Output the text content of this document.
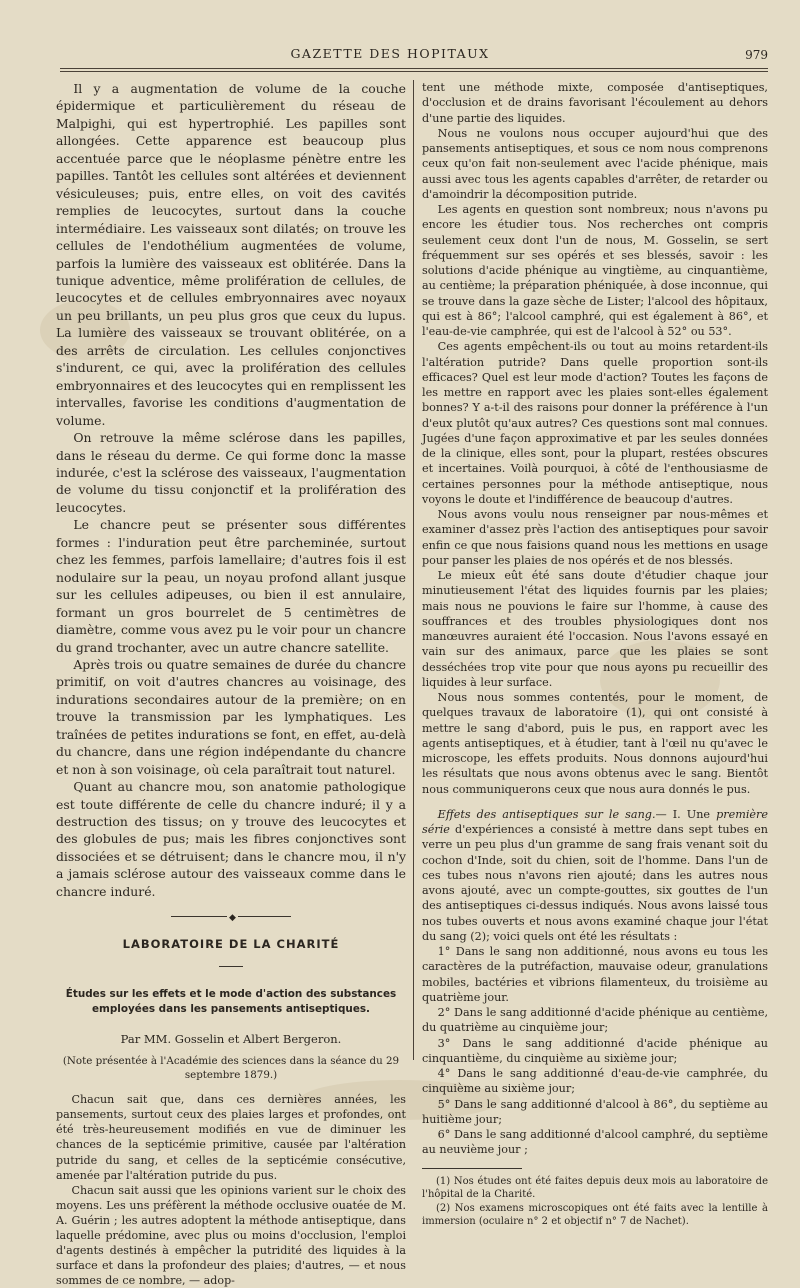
GAZETTE DES HOPITAUX	979

Il y a augmentation de volume de la couche épidermique et particulièrement du réseau de Malpighi, qui est hypertrophié. Les papilles sont allongées. Cette apparence est beaucoup plus accentuée parce que le néoplasme pénètre entre les papilles. Tantôt les cellules sont altérées et deviennent vésiculeuses; puis, entre elles, on voit des cavités remplies de leucocytes, surtout dans la couche intermédiaire. Les vaisseaux sont dilatés; on trouve les cellules de l'endothélium augmentées de volume, parfois la lumière des vaisseaux est oblitérée. Dans la tunique adventice, même prolifération de cellules, de leucocytes et de cellules embryonnaires avec noyaux un peu brillants, un peu plus gros que ceux du lupus. La lumière des vaisseaux se trouvant oblitérée, on a des arrêts de circulation. Les cellules conjonctives s'indurent, ce qui, avec la prolifération des cellules embryonnaires et des leucocytes qui en remplissent les intervalles, favorise les conditions d'augmentation de volume.

On retrouve la même sclérose dans les papilles, dans le réseau du derme. Ce qui forme donc la masse indurée, c'est la sclérose des vaisseaux, l'augmentation de volume du tissu conjonctif et la prolifération des leucocytes.

Le chancre peut se présenter sous différentes formes : l'induration peut être parcheminée, surtout chez les femmes, parfois lamellaire; d'autres fois il est nodulaire sur la peau, un noyau profond allant jusque sur les cellules adipeuses, ou bien il est annulaire, formant un gros bourrelet de 5 centimètres de diamètre, comme vous avez pu le voir pour un chancre du grand trochanter, avec un autre chancre satellite.

Après trois ou quatre semaines de durée du chancre primitif, on voit d'autres chancres au voisinage, des indurations secondaires autour de la première; on en trouve la transmission par les lymphatiques. Les traînées de petites indurations se font, en effet, au-delà du chancre, dans une région indépendante du chancre et non à son voisinage, où cela paraîtrait tout naturel.

Quant au chancre mou, son anatomie pathologique est toute différente de celle du chancre induré; il y a destruction des tissus; on y trouve des leucocytes et des globules de pus; mais les fibres conjonctives sont dissociées et se détruisent; dans le chancre mou, il n'y a jamais sclérose autour des vaisseaux comme dans le chancre induré.

◆
LABORATOIRE DE LA CHARITÉ
Études sur les effets et le mode d'action des substances employées dans les pansements antiseptiques.
Par MM. Gosselin et Albert Bergeron.
(Note présentée à l'Académie des sciences dans la séance du 29 septembre 1879.)

Chacun sait que, dans ces dernières années, les pansements, surtout ceux des plaies larges et profondes, ont été très-heureusement modifiés en vue de diminuer les chances de la septicémie primitive, causée par l'altération putride du sang, et celles de la septicémie consécutive, amenée par l'altération putride du pus.

Chacun sait aussi que les opinions varient sur le choix des moyens. Les uns préfèrent la méthode occlusive ouatée de M. A. Guérin ; les autres adoptent la méthode antiseptique, dans laquelle prédomine, avec plus ou moins d'occlusion, l'emploi d'agents destinés à empêcher la putridité des liquides à la surface et dans la profondeur des plaies; d'autres, — et nous sommes de ce nombre, — adop-

tent une méthode mixte, composée d'antiseptiques, d'occlusion et de drains favorisant l'écoulement au dehors d'une partie des liquides.

Nous ne voulons nous occuper aujourd'hui que des pansements antiseptiques, et sous ce nom nous comprenons ceux qu'on fait non-seulement avec l'acide phénique, mais aussi avec tous les agents capables d'arrêter, de retarder ou d'amoindrir la décomposition putride.

Les agents en question sont nombreux; nous n'avons pu encore les étudier tous. Nos recherches ont compris seulement ceux dont l'un de nous, M. Gosselin, se sert fréquemment sur ses opérés et ses blessés, savoir : les solutions d'acide phénique au vingtième, au cinquantième, au centième; la préparation phéniquée, à dose inconnue, qui se trouve dans la gaze sèche de Lister; l'alcool des hôpitaux, qui est à 86°; l'alcool camphré, qui est également à 86°, et l'eau-de-vie camphrée, qui est de l'alcool à 52° ou 53°.

Ces agents empêchent-ils ou tout au moins retardent-ils l'altération putride? Dans quelle proportion sont-ils efficaces? Quel est leur mode d'action? Toutes les façons de les mettre en rapport avec les plaies sont-elles également bonnes? Y a-t-il des raisons pour donner la préférence à l'un d'eux plutôt qu'aux autres? Ces questions sont mal connues. Jugées d'une façon approximative et par les seules données de la clinique, elles sont, pour la plupart, restées obscures et incertaines. Voilà pourquoi, à côté de l'enthousiasme de certaines personnes pour la méthode antiseptique, nous voyons le doute et l'indifférence de beaucoup d'autres.

Nous avons voulu nous renseigner par nous-mêmes et examiner d'assez près l'action des antiseptiques pour savoir enfin ce que nous faisions quand nous les mettions en usage pour panser les plaies de nos opérés et de nos blessés.

Le mieux eût été sans doute d'étudier chaque jour minutieusement l'état des liquides fournis par les plaies; mais nous ne pouvions le faire sur l'homme, à cause des souffrances et des troubles physiologiques dont nos manœuvres auraient été l'occasion. Nous l'avons essayé en vain sur des animaux, parce que les plaies se sont desséchées trop vite pour que nous ayons pu recueillir des liquides à leur surface.

Nous nous sommes contentés, pour le moment, de quelques travaux de laboratoire (1), qui ont consisté à mettre le sang d'abord, puis le pus, en rapport avec les agents antiseptiques, et à étudier, tant à l'œil nu qu'avec le microscope, les effets produits. Nous donnons aujourd'hui les résultats que nous avons obtenus avec le sang. Bientôt nous communiquerons ceux que nous aura donnés le pus.

Effets des antiseptiques sur le sang.— I. Une première série d'expériences a consisté à mettre dans sept tubes en verre un peu plus d'un gramme de sang frais venant soit du cochon d'Inde, soit du chien, soit de l'homme. Dans l'un de ces tubes nous n'avons rien ajouté; dans les autres nous avons ajouté, avec un compte-gouttes, six gouttes de l'un des antiseptiques ci-dessus indiqués. Nous avons laissé tous nos tubes ouverts et nous avons examiné chaque jour l'état du sang (2); voici quels ont été les résultats :

1° Dans le sang non additionné, nous avons eu tous les caractères de la putréfaction, mauvaise odeur, granulations mobiles, bactéries et vibrions filamenteux, du troisième au quatrième jour.

2° Dans le sang additionné d'acide phénique au centième, du quatrième au cinquième jour;

3° Dans le sang additionné d'acide phénique au cinquantième, du cinquième au sixième jour;

4° Dans le sang additionné d'eau-de-vie camphrée, du cinquième au sixième jour;

5° Dans le sang additionné d'alcool à 86°, du septième au huitième jour;

6° Dans le sang additionné d'alcool camphré, du septième au neuvième jour ;

(1) Nos études ont été faites depuis deux mois au laboratoire de l'hôpital de la Charité.

(2) Nos examens microscopiques ont été faits avec la lentille à immersion (oculaire n° 2 et objectif n° 7 de Nachet).
